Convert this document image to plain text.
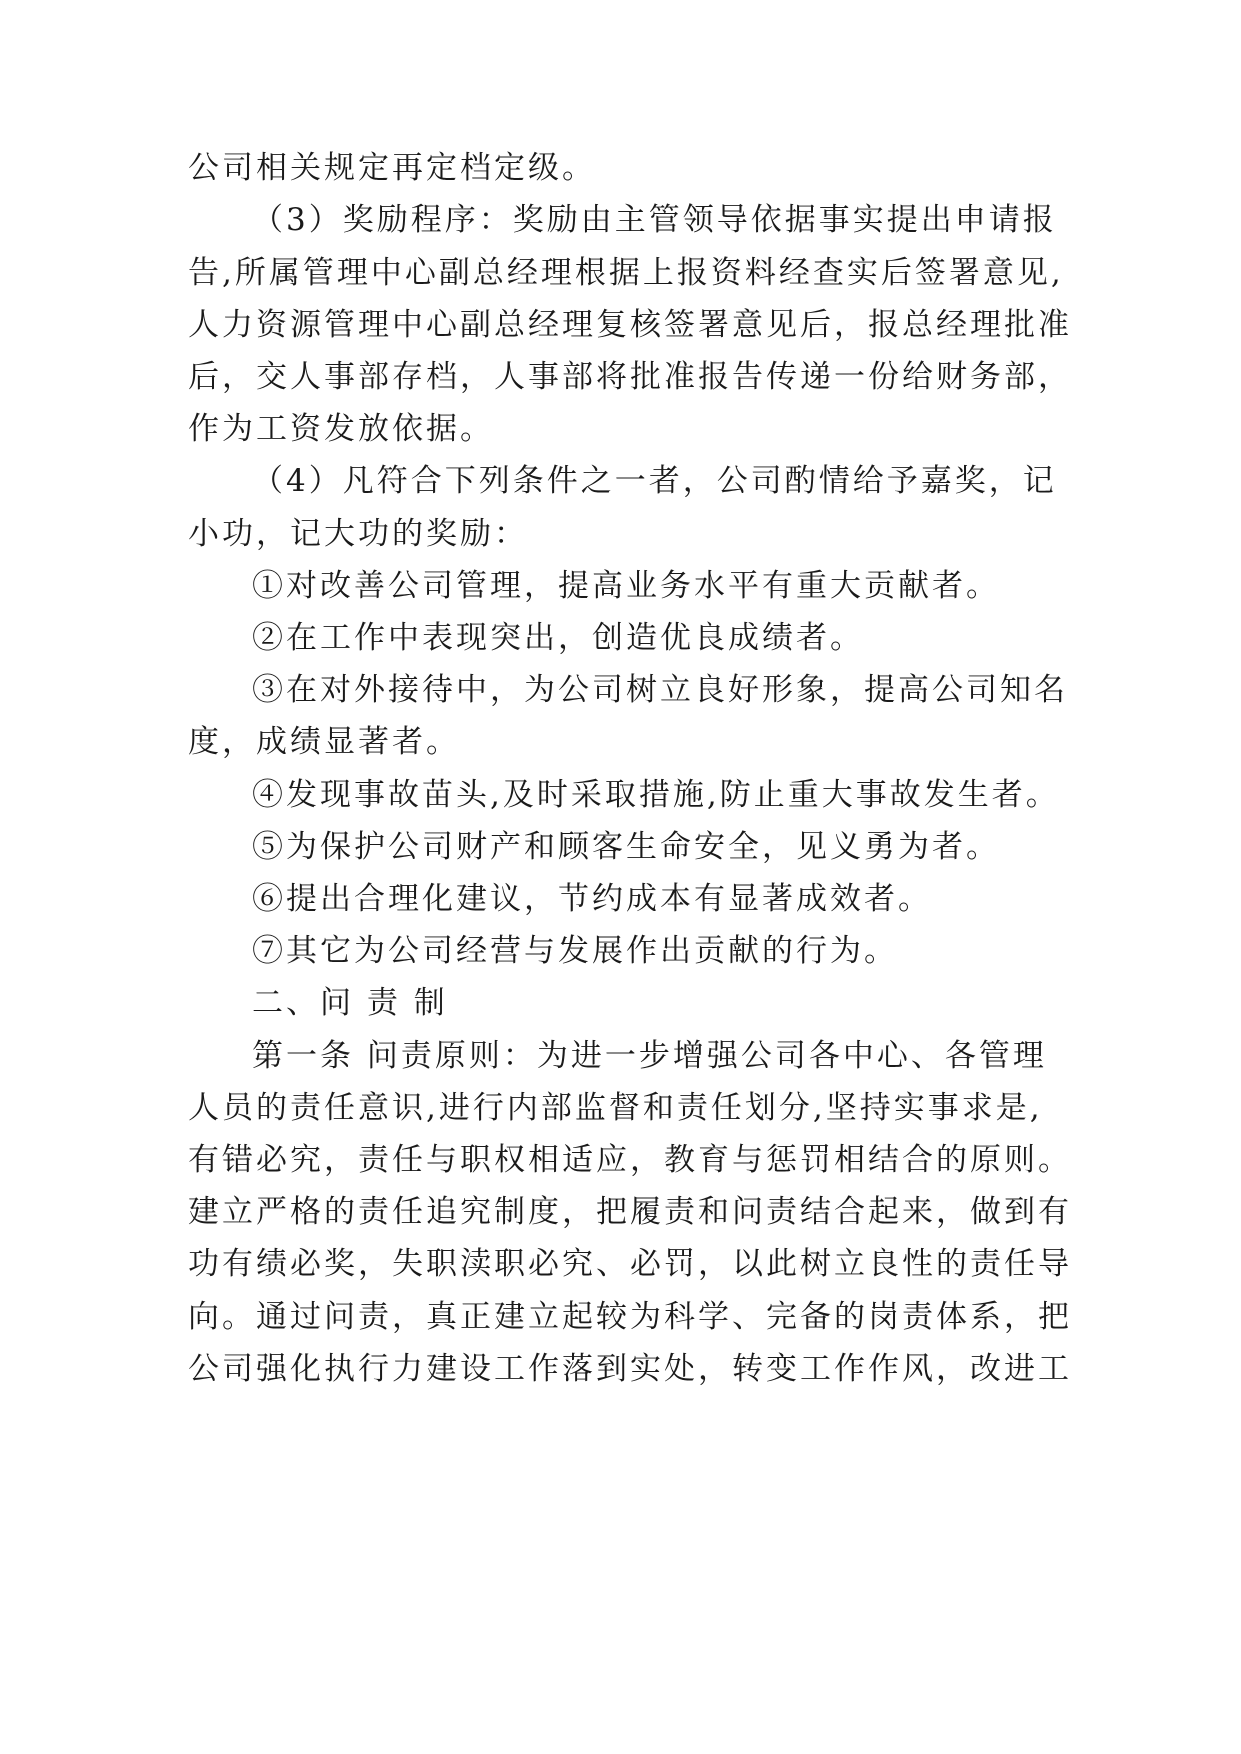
公司相关规定再定档定级。
（3）奖励程序：奖励由主管领导依据事实提出申请报
告,所属管理中心副总经理根据上报资料经查实后签署意见,
人力资源管理中心副总经理复核签署意见后，报总经理批准
后，交人事部存档，人事部将批准报告传递一份给财务部，
作为工资发放依据。
（4）凡符合下列条件之一者，公司酌情给予嘉奖，记
小功，记大功的奖励：
①对改善公司管理，提高业务水平有重大贡献者。
②在工作中表现突出，创造优良成绩者。
③在对外接待中，为公司树立良好形象，提高公司知名
度，成绩显著者。
④发现事故苗头,及时采取措施,防止重大事故发生者。
⑤为保护公司财产和顾客生命安全，见义勇为者。
⑥提出合理化建议，节约成本有显著成效者。
⑦其它为公司经营与发展作出贡献的行为。
二、问 责 制
第一条 问责原则：为进一步增强公司各中心、各管理
人员的责任意识,进行内部监督和责任划分,坚持实事求是,
有错必究，责任与职权相适应，教育与惩罚相结合的原则。
建立严格的责任追究制度，把履责和问责结合起来，做到有
功有绩必奖，失职渎职必究、必罚，以此树立良性的责任导
向。通过问责，真正建立起较为科学、完备的岗责体系，把
公司强化执行力建设工作落到实处，转变工作作风，改进工
